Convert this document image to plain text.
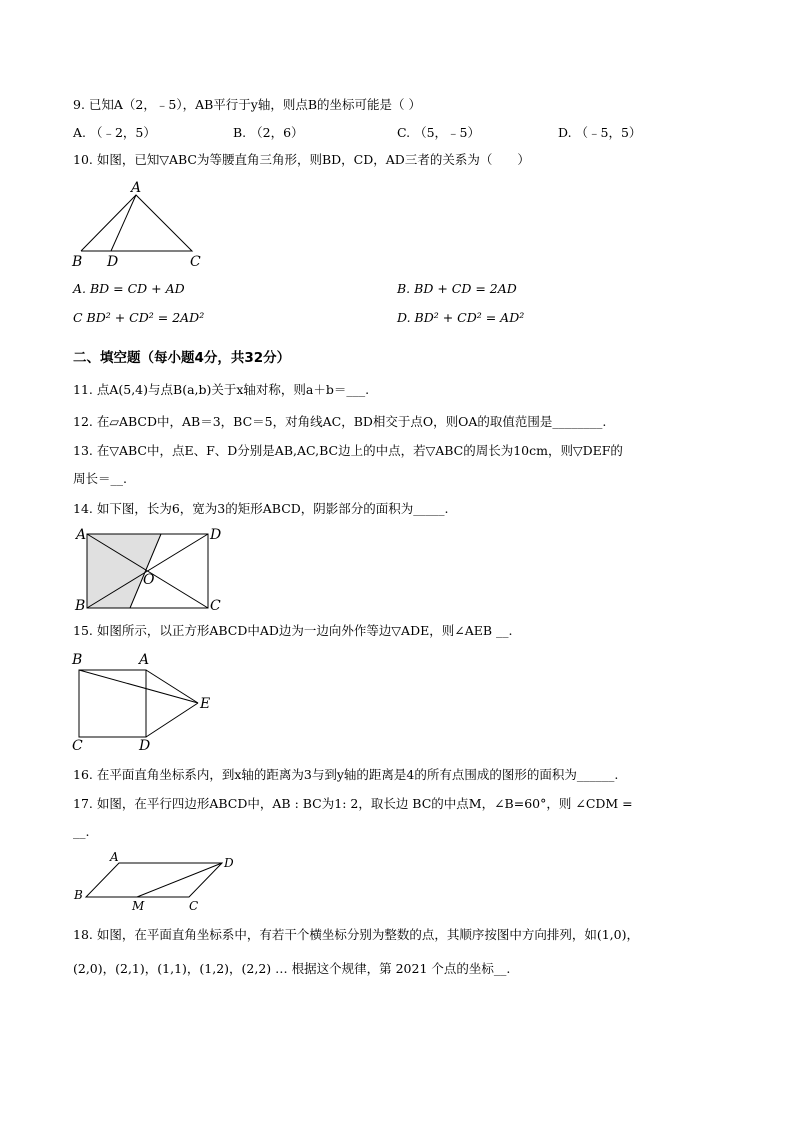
9. 已知A（2，﹣5），AB平行于y轴，则点B的坐标可能是（ ）
A. （﹣2，5）	B. （2，6）	C. （5，﹣5）	D. （﹣5，5）
10. 如图，已知▽ABC为等腰直角三角形，则BD，CD，AD三者的关系为（　　）
A
B D	C
A. BD = CD + AD	B. BD + CD = 2AD
C BD² + CD² = 2AD²	D. BD² + CD² = AD²
二、填空题（每小题4分，共32分）
11. 点A(5,4)与点B(a,b)关于x轴对称，则a＋b＝___.
12. 在▱ABCD中，AB＝3，BC＝5，对角线AC，BD相交于点O，则OA的取值范围是________.
13. 在▽ABC中，点E、F、D分别是AB,AC,BC边上的中点，若▽ABC的周长为10cm，则▽DEF的
周长＝__.
14. 如下图，长为6，宽为3的矩形ABCD，阴影部分的面积为_____.
A	D
O
B	C
15. 如图所示，以正方形ABCD中AD边为一边向外作等边▽ADE，则∠AEB __.
B	A
E
C	D
16. 在平面直角坐标系内，到x轴的距离为3与到y轴的距离是4的所有点围成的图形的面积为______.
17. 如图，在平行四边形ABCD中，AB : BC为1: 2，取长边 BC的中点M，∠B=60°，则 ∠CDM =
__.
A	D
B
M	C
18. 如图，在平面直角坐标系中，有若干个横坐标分别为整数的点，其顺序按图中方向排列，如(1,0)，
(2,0)，(2,1)，(1,1)，(1,2)，(2,2) … 根据这个规律，第 2021 个点的坐标__.
